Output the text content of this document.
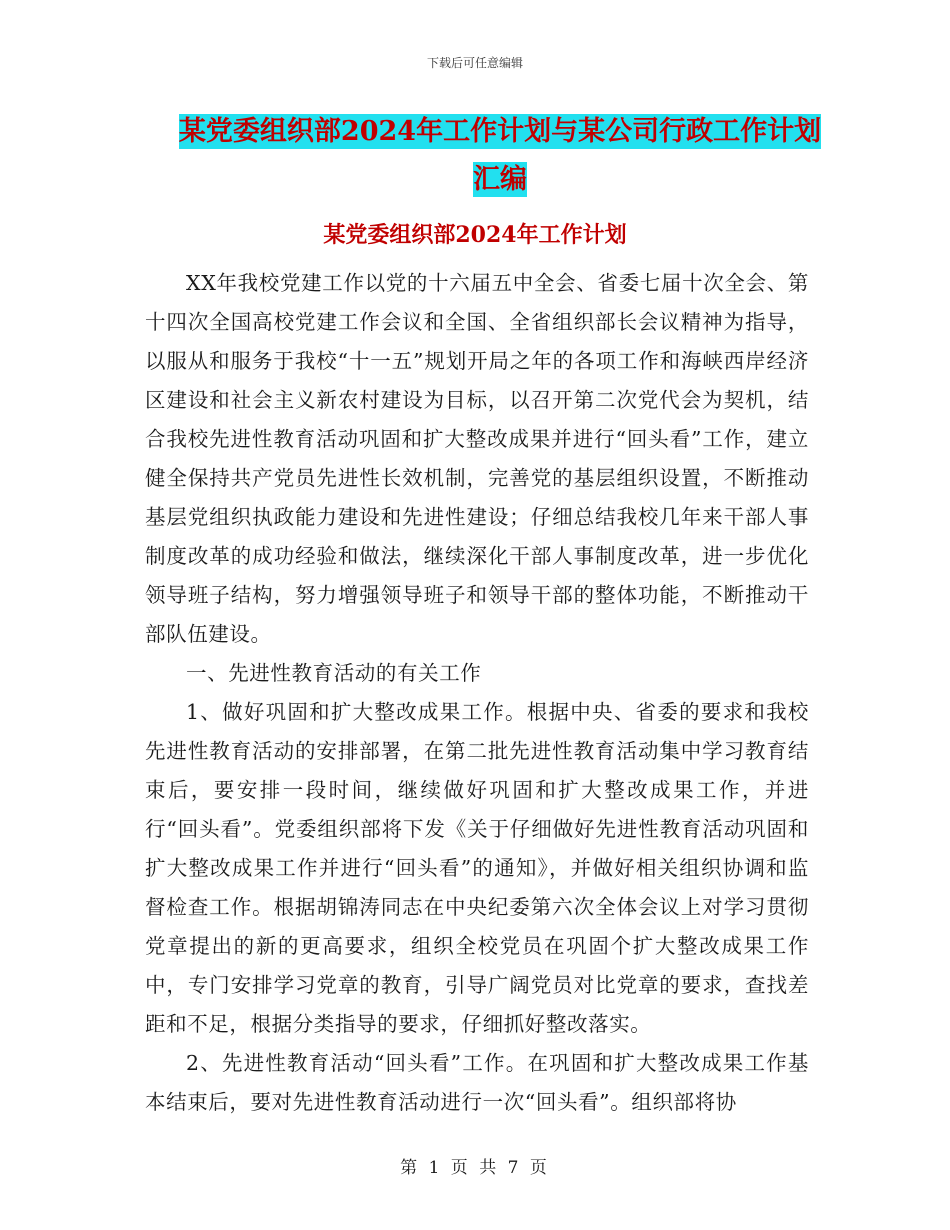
下载后可任意编辑
某党委组织部2024年工作计划与某公司行政工作计划
汇编
某党委组织部2024年工作计划

XX年我校党建工作以党的十六届五中全会、省委七届十次全会、第十四次全国高校党建工作会议和全国、全省组织部长会议精神为指导，以服从和服务于我校“十一五”规划开局之年的各项工作和海峡西岸经济区建设和社会主义新农村建设为目标，以召开第二次党代会为契机，结合我校先进性教育活动巩固和扩大整改成果并进行“回头看”工作，建立健全保持共产党员先进性长效机制，完善党的基层组织设置，不断推动基层党组织执政能力建设和先进性建设；仔细总结我校几年来干部人事制度改革的成功经验和做法，继续深化干部人事制度改革，进一步优化领导班子结构，努力增强领导班子和领导干部的整体功能，不断推动干部队伍建设。

一、先进性教育活动的有关工作

1、做好巩固和扩大整改成果工作。根据中央、省委的要求和我校先进性教育活动的安排部署，在第二批先进性教育活动集中学习教育结束后，要安排一段时间，继续做好巩固和扩大整改成果工作，并进行“回头看”。党委组织部将下发《关于仔细做好先进性教育活动巩固和扩大整改成果工作并进行“回头看”的通知》，并做好相关组织协调和监督检查工作。根据胡锦涛同志在中央纪委第六次全体会议上对学习贯彻党章提出的新的更高要求，组织全校党员在巩固个扩大整改成果工作中，专门安排学习党章的教育，引导广阔党员对比党章的要求，查找差距和不足，根据分类指导的要求，仔细抓好整改落实。

2、先进性教育活动“回头看”工作。在巩固和扩大整改成果工作基本结束后，要对先进性教育活动进行一次“回头看”。组织部将协

第 1 页 共 7 页
